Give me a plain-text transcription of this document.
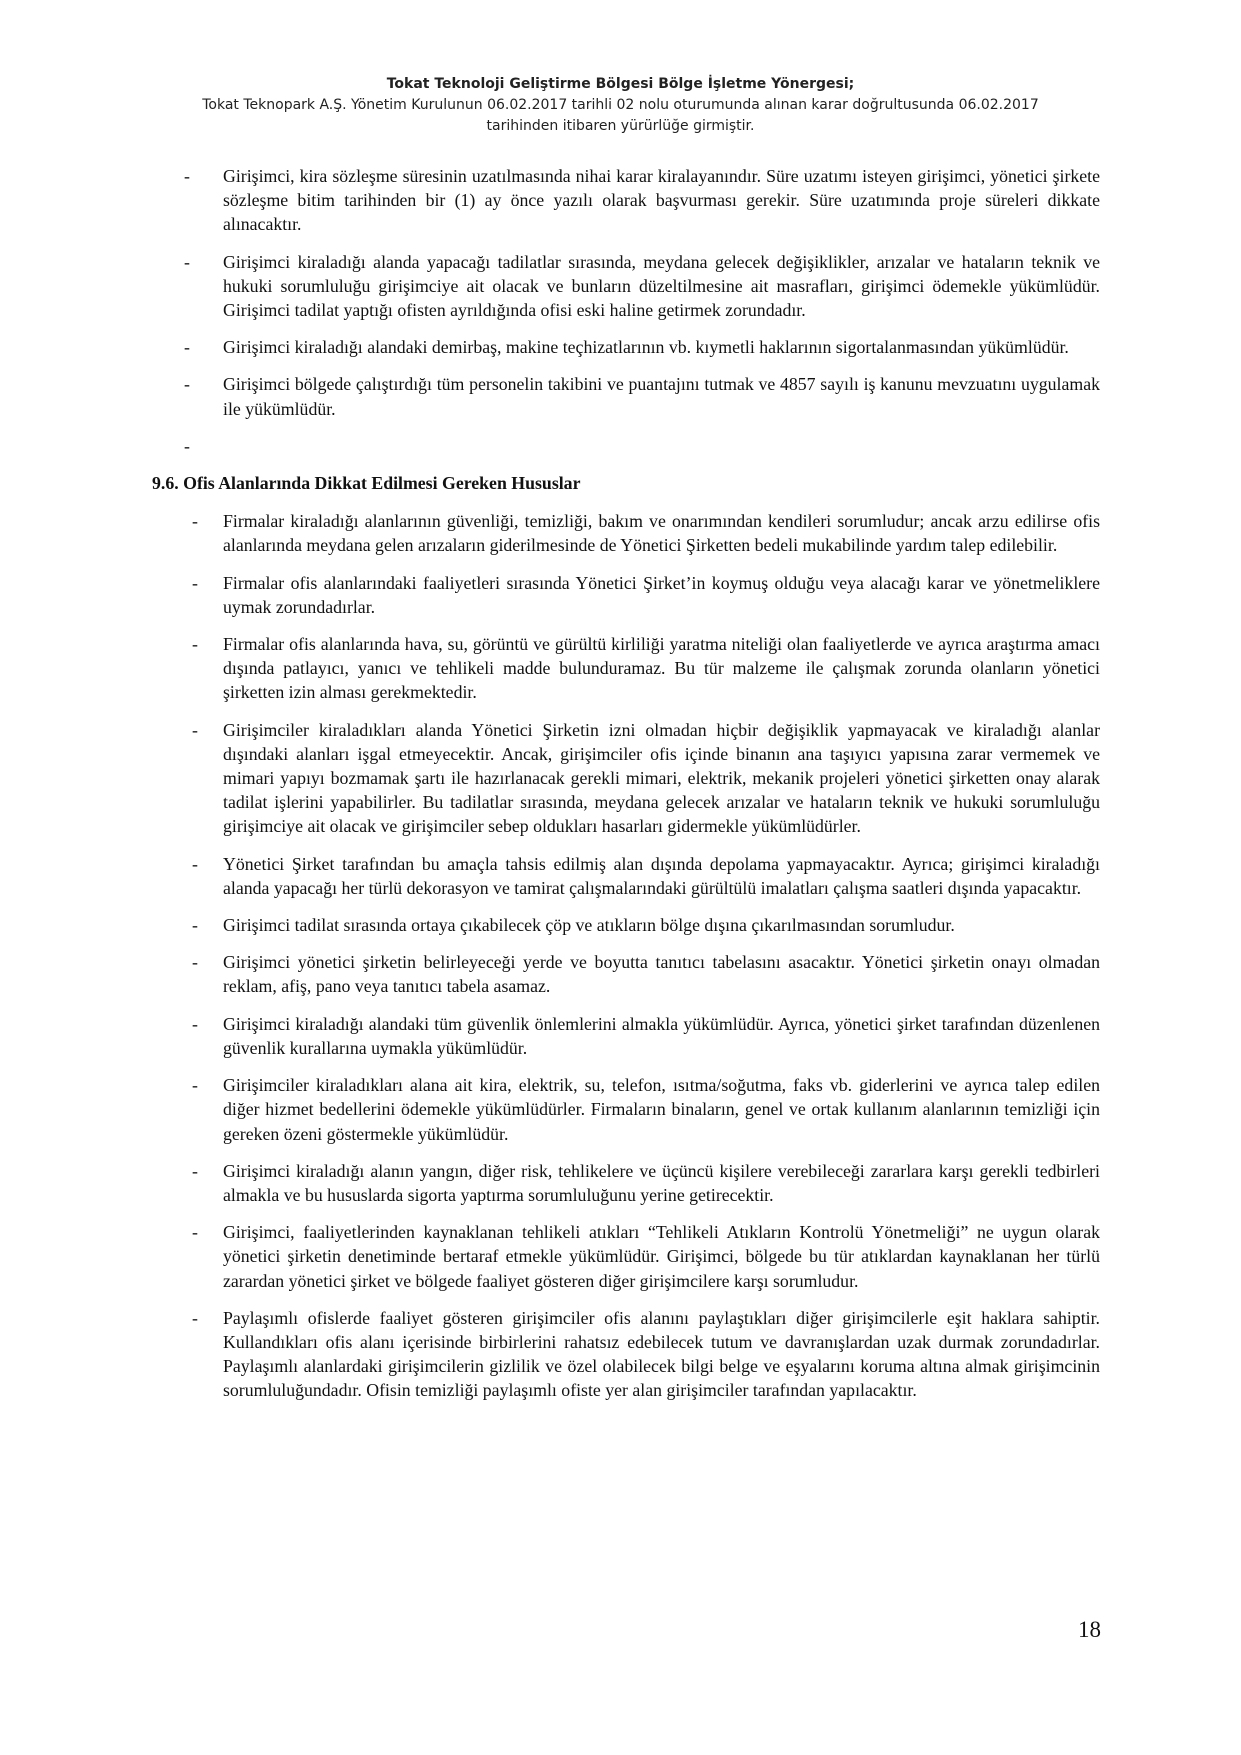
Tokat Teknoloji Geliştirme Bölgesi Bölge İşletme Yönergesi;
Tokat Teknopark A.Ş. Yönetim Kurulunun 06.02.2017 tarihli 02 nolu oturumunda alınan karar doğrultusunda 06.02.2017
tarihinden itibaren yürürlüğe girmiştir.
- Girişimci, kira sözleşme süresinin uzatılmasında nihai karar kiralayanındır. Süre uzatımı isteyen girişimci, yönetici şirkete sözleşme bitim tarihinden bir (1) ay önce yazılı olarak başvurması gerekir. Süre uzatımında proje süreleri dikkate alınacaktır.
- Girişimci kiraladığı alanda yapacağı tadilatlar sırasında, meydana gelecek değişiklikler, arızalar ve hataların teknik ve hukuki sorumluluğu girişimciye ait olacak ve bunların düzeltilmesine ait masrafları, girişimci ödemekle yükümlüdür. Girişimci tadilat yaptığı ofisten ayrıldığında ofisi eski haline getirmek zorundadır.
- Girişimci kiraladığı alandaki demirbaş, makine teçhizatlarının vb. kıymetli haklarının sigortalanmasından yükümlüdür.
- Girişimci bölgede çalıştırdığı tüm personelin takibini ve puantajını tutmak ve 4857 sayılı iş kanunu mevzuatını uygulamak ile yükümlüdür.
-

9.6. Ofis Alanlarında Dikkat Edilmesi Gereken Hususlar
- Firmalar kiraladığı alanlarının güvenliği, temizliği, bakım ve onarımından kendileri sorumludur; ancak arzu edilirse ofis alanlarında meydana gelen arızaların giderilmesinde de Yönetici Şirketten bedeli mukabilinde yardım talep edilebilir.
- Firmalar ofis alanlarındaki faaliyetleri sırasında Yönetici Şirket’in koymuş olduğu veya alacağı karar ve yönetmeliklere uymak zorundadırlar.
- Firmalar ofis alanlarında hava, su, görüntü ve gürültü kirliliği yaratma niteliği olan faaliyetlerde ve ayrıca araştırma amacı dışında patlayıcı, yanıcı ve tehlikeli madde bulunduramaz. Bu tür malzeme ile çalışmak zorunda olanların yönetici şirketten izin alması gerekmektedir.
- Girişimciler kiraladıkları alanda Yönetici Şirketin izni olmadan hiçbir değişiklik yapmayacak ve kiraladığı alanlar dışındaki alanları işgal etmeyecektir. Ancak, girişimciler ofis içinde binanın ana taşıyıcı yapısına zarar vermemek ve mimari yapıyı bozmamak şartı ile hazırlanacak gerekli mimari, elektrik, mekanik projeleri yönetici şirketten onay alarak tadilat işlerini yapabilirler. Bu tadilatlar sırasında, meydana gelecek arızalar ve hataların teknik ve hukuki sorumluluğu girişimciye ait olacak ve girişimciler sebep oldukları hasarları gidermekle yükümlüdürler.
- Yönetici Şirket tarafından bu amaçla tahsis edilmiş alan dışında depolama yapmayacaktır. Ayrıca; girişimci kiraladığı alanda yapacağı her türlü dekorasyon ve tamirat çalışmalarındaki gürültülü imalatları çalışma saatleri dışında yapacaktır.
- Girişimci tadilat sırasında ortaya çıkabilecek çöp ve atıkların bölge dışına çıkarılmasından sorumludur.
- Girişimci yönetici şirketin belirleyeceği yerde ve boyutta tanıtıcı tabelasını asacaktır. Yönetici şirketin onayı olmadan reklam, afiş, pano veya tanıtıcı tabela asamaz.
- Girişimci kiraladığı alandaki tüm güvenlik önlemlerini almakla yükümlüdür. Ayrıca, yönetici şirket tarafından düzenlenen güvenlik kurallarına uymakla yükümlüdür.
- Girişimciler kiraladıkları alana ait kira, elektrik, su, telefon, ısıtma/soğutma, faks vb. giderlerini ve ayrıca talep edilen diğer hizmet bedellerini ödemekle yükümlüdürler. Firmaların binaların, genel ve ortak kullanım alanlarının temizliği için gereken özeni göstermekle yükümlüdür.
- Girişimci kiraladığı alanın yangın, diğer risk, tehlikelere ve üçüncü kişilere verebileceği zararlara karşı gerekli tedbirleri almakla ve bu hususlarda sigorta yaptırma sorumluluğunu yerine getirecektir.
- Girişimci, faaliyetlerinden kaynaklanan tehlikeli atıkları “Tehlikeli Atıkların Kontrolü Yönetmeliği” ne uygun olarak yönetici şirketin denetiminde bertaraf etmekle yükümlüdür. Girişimci, bölgede bu tür atıklardan kaynaklanan her türlü zarardan yönetici şirket ve bölgede faaliyet gösteren diğer girişimcilere karşı sorumludur.
- Paylaşımlı ofislerde faaliyet gösteren girişimciler ofis alanını paylaştıkları diğer girişimcilerle eşit haklara sahiptir. Kullandıkları ofis alanı içerisinde birbirlerini rahatsız edebilecek tutum ve davranışlardan uzak durmak zorundadırlar. Paylaşımlı alanlardaki girişimcilerin gizlilik ve özel olabilecek bilgi belge ve eşyalarını koruma altına almak girişimcinin sorumluluğundadır. Ofisin temizliği paylaşımlı ofiste yer alan girişimciler tarafından yapılacaktır.
18
